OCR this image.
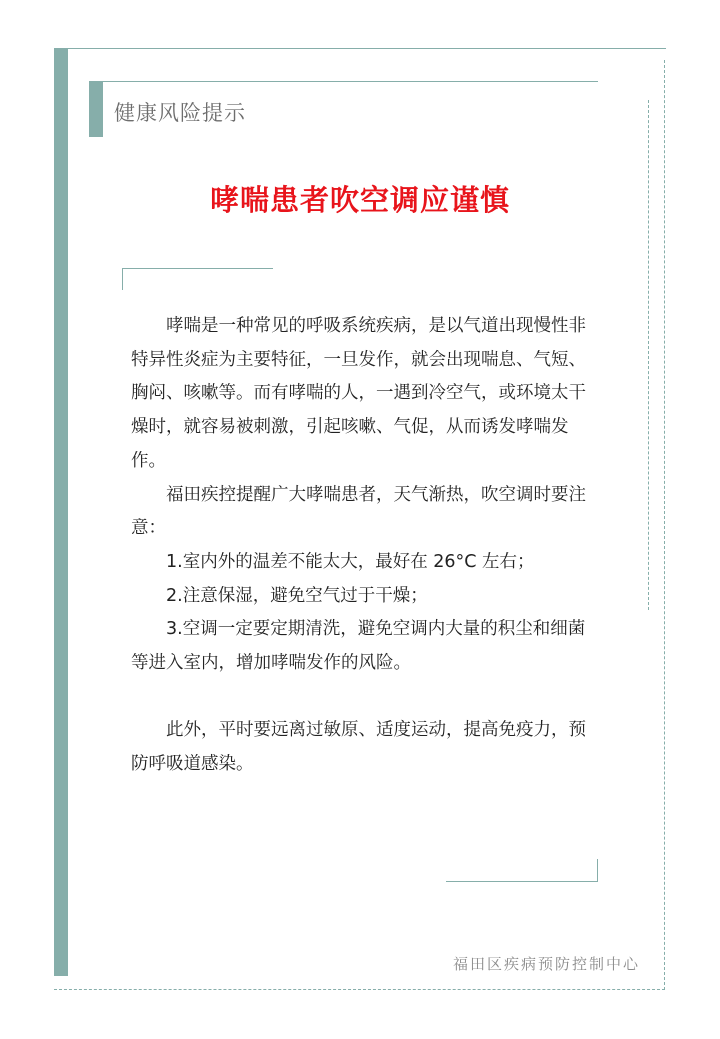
健康风险提示
哮喘患者吹空调应谨慎

哮喘是一种常见的呼吸系统疾病，是以气道出现慢性非特异性炎症为主要特征，一旦发作，就会出现喘息、气短、胸闷、咳嗽等。而有哮喘的人，一遇到冷空气，或环境太干燥时，就容易被刺激，引起咳嗽、气促，从而诱发哮喘发作。

福田疾控提醒广大哮喘患者，天气渐热，吹空调时要注意：

1.室内外的温差不能太大，最好在 26°C 左右；

2.注意保湿，避免空气过于干燥；

3.空调一定要定期清洗，避免空调内大量的积尘和细菌等进入室内，增加哮喘发作的风险。

此外，平时要远离过敏原、适度运动，提高免疫力，预防呼吸道感染。

福田区疾病预防控制中心
